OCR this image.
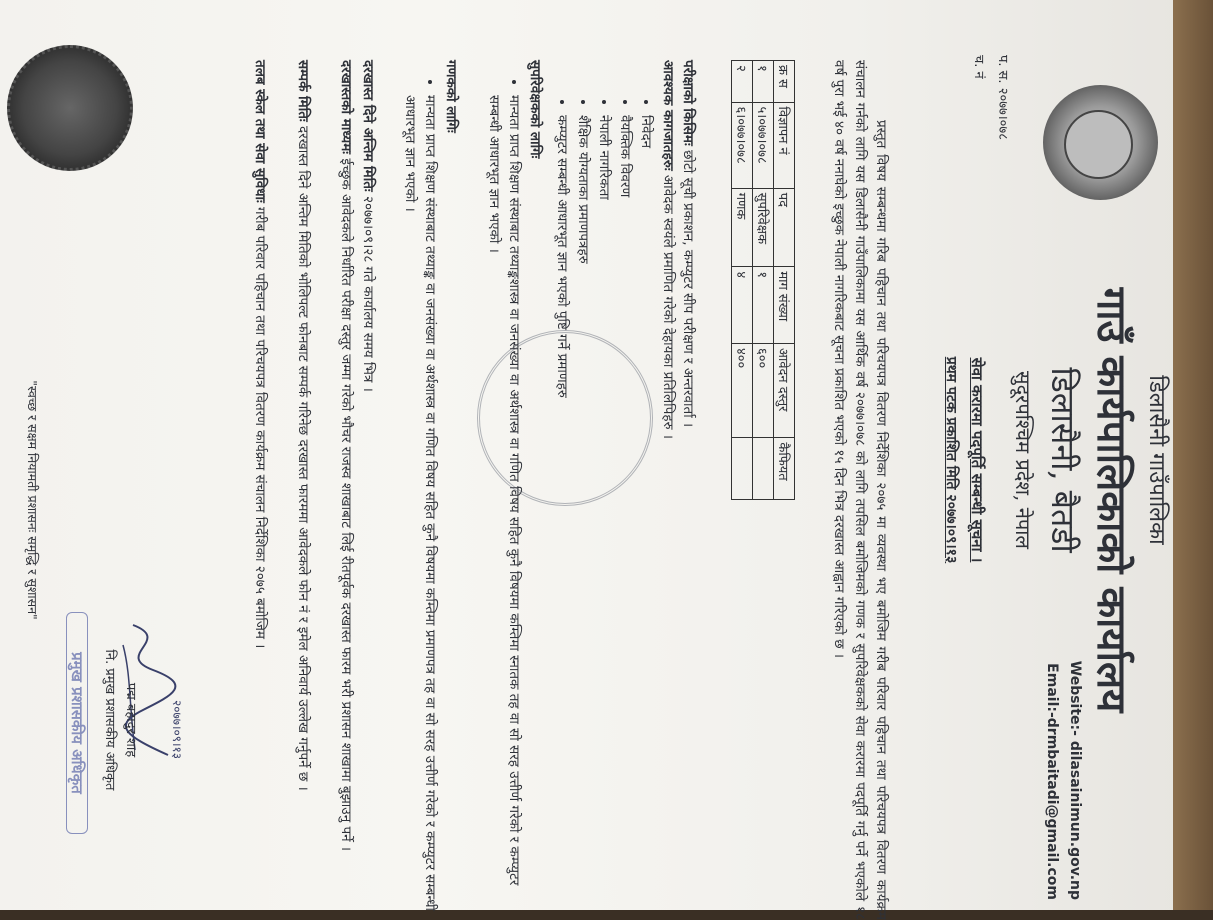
डिलासैनी गाउँपालिका
गाउँ कार्यपालिकाको कार्यालय
डिलासैनी, बैतडी
सुदूरपश्चिम प्रदेश, नेपाल
Website:- dilasainimun.gov.np
Email:-drmbaitadi@gmail.com
प. स. २०७७।०७८
च. नं
सेवा करारमा पदपूर्ति सम्बन्धी सूचना ।
प्रथम पटक प्रकाशित मिति २०७७।०९।१३
प्रस्तुत विषय सम्बन्धमा गरिब पहिचान तथा परिचयपत्र वितरण निर्देशिका २०७५ मा व्यवस्था भए बमोजिम गरीब परिवार पहिचान तथा परिचयपत्र वितरण कार्यक्रम संचालन गर्नको लागि यस डिलासैनी गाउँपालिकामा यस आर्थिक वर्ष २०७७।०७८ को लागि तपसिल बमोजिमको गणक र सुपरिवेक्षकको सेवा करारमा पदपूर्ति गर्नु पर्ने भएकोले १८ वर्ष पुरा भई ४० वर्ष ननाघेको इच्छुक नेपाली नागरिकबाट सूचना प्रकाशित भएको १५ दिन भित्र दरखास्त आह्वान गरिएको छ ।
क्र स	विज्ञापन नं	पद	माग संख्या	आवेदन दस्तुर	कैफियत
१	५।०७७।०७८	सुपरिवेक्षक	१	६००	
२	६।०७७।०७८	गणक	४	४००	
परीक्षाको किसिमः छोटो सूची प्रकाशन, कम्प्युटर सीप परीक्षण र अन्तरवार्ता ।
आवश्यक कागजातहरुः आवेदक स्वयंले प्रमाणित गरेको देहायका प्रतिलिपिहरु ।
• निवेदन
• वैयक्तिक विवरण
• नेपाली नागरिकता
• शैक्षिक योग्यताका प्रमाणपत्रहरु
• कम्प्युटर सम्बन्धी आधारभूत ज्ञान भएको पुष्टि गर्ने प्रमाणहरु
सुपरिवेक्षकको लागिः
• मान्यता प्राप्त शिक्षण संस्थाबाट तथ्याङ्कशास्त्र वा जनसंख्या वा अर्थशास्त्र वा गणित विषय सहित कुनै विषयमा कम्तिमा स्नातक तह वा सो सरह उत्तीर्ण गरेको र कम्प्युटर सम्बन्धी आधारभूत ज्ञान भएको ।
गणकको लागिः
• मान्यता प्राप्त शिक्षण संस्थाबाट तथ्याङ्क वा जनसंख्या वा अर्थशास्त्र वा गणित विषय सहित कुनै विषयमा कम्तिमा प्रमाणपत्र तह वा सो सरह उत्तीर्ण गरेको र कम्प्युटर सम्बन्धी आधारभूत ज्ञान भएको ।
दरखास्त दिने अन्तिम मितिः २०७७।०९।२८ गते कार्यालय समय भित्र ।
दरखास्तको माध्यमः ईच्छुक आवेदकले निर्धारित परीक्षा दस्तुर जम्मा गरेको भौचर राजस्व शाखाबाट लिई रीतपूर्वक दरखास्त फारम भरी प्रशासन शाखामा बुझाउनु पर्ने ।
सम्पर्क मितिः दरखास्त दिने अन्तिम मितिको भोलिपल्ट फोनबाट सम्पर्क गरिनेछ दरखास्त फारममा आवेदकले फोन नं र इमेल अनिवार्य उल्लेख गर्नुपर्ने छ ।
तलब स्केल तथा सेवा सुविधाः गरीब परिवार पहिचान तथा परिचयपत्र वितरण कार्यक्रम संचालन निर्देशिका २०७५ बमोजिम ।
२०७७।०९।१३
पद्म बहादुर शाह
नि. प्रमुख प्रशासकीय अधिकृत
प्रमुख प्रशासकीय अधिकृत
"स्वच्छ र सक्षम नियामती प्रशासनः समृद्धि र सुशासन"
